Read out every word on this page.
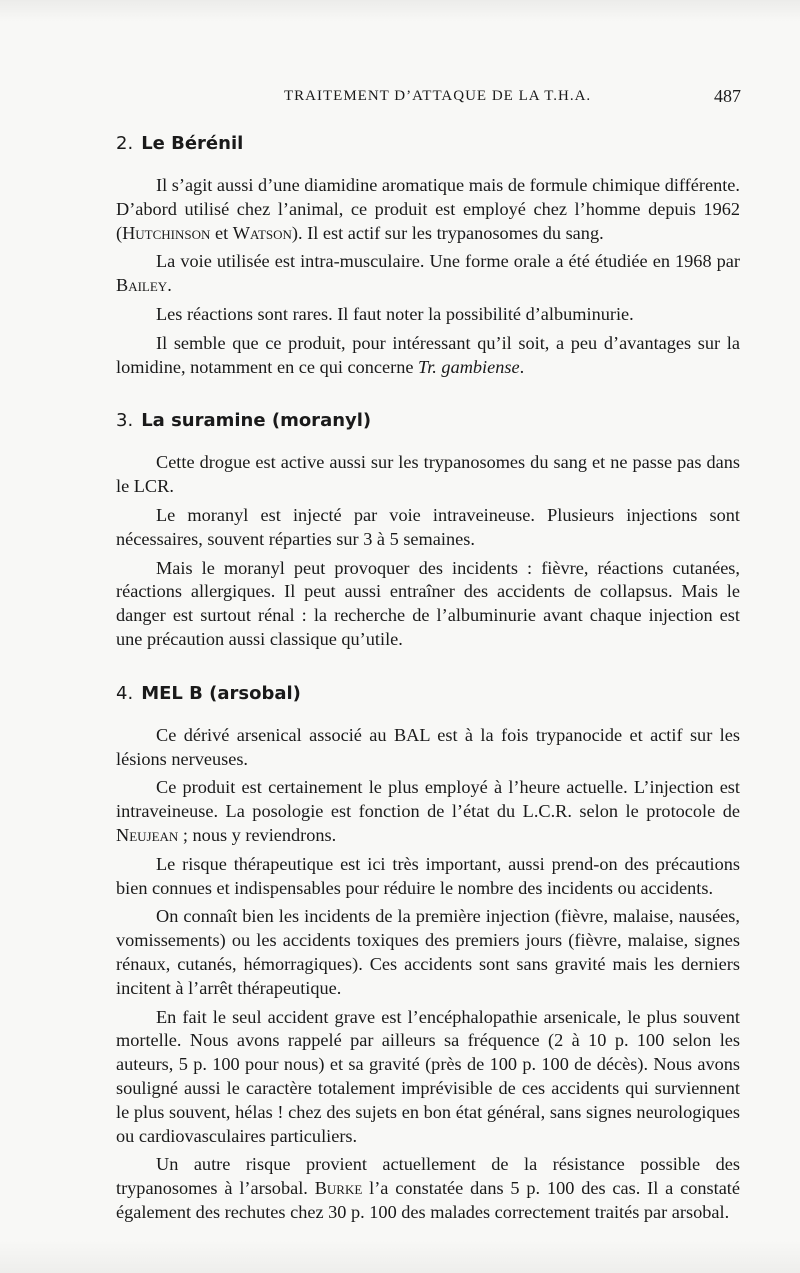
TRAITEMENT D’ATTAQUE DE LA T.H.A.	487
2. Le Bérénil

Il s’agit aussi d’une diamidine aromatique mais de formule chimique différente. D’abord utilisé chez l’animal, ce produit est employé chez l’homme depuis 1962 (Hutchinson et Watson). Il est actif sur les trypanosomes du sang.

La voie utilisée est intra-musculaire. Une forme orale a été étudiée en 1968 par Bailey.

Les réactions sont rares. Il faut noter la possibilité d’albuminurie.

Il semble que ce produit, pour intéressant qu’il soit, a peu d’avantages sur la lomidine, notamment en ce qui concerne Tr. gambiense.

3. La suramine (moranyl)

Cette drogue est active aussi sur les trypanosomes du sang et ne passe pas dans le LCR.

Le moranyl est injecté par voie intraveineuse. Plusieurs injections sont nécessaires, souvent réparties sur 3 à 5 semaines.

Mais le moranyl peut provoquer des incidents : fièvre, réactions cutanées, réactions allergiques. Il peut aussi entraîner des accidents de collapsus. Mais le danger est surtout rénal : la recherche de l’albuminurie avant chaque injection est une précaution aussi classique qu’utile.

4. MEL B (arsobal)

Ce dérivé arsenical associé au BAL est à la fois trypanocide et actif sur les lésions nerveuses.

Ce produit est certainement le plus employé à l’heure actuelle. L’injection est intraveineuse. La posologie est fonction de l’état du L.C.R. selon le protocole de Neujean ; nous y reviendrons.

Le risque thérapeutique est ici très important, aussi prend-on des précautions bien connues et indispensables pour réduire le nombre des incidents ou accidents.

On connaît bien les incidents de la première injection (fièvre, malaise, nausées, vomissements) ou les accidents toxiques des premiers jours (fièvre, malaise, signes rénaux, cutanés, hémorragiques). Ces accidents sont sans gravité mais les derniers incitent à l’arrêt thérapeutique.

En fait le seul accident grave est l’encéphalopathie arsenicale, le plus souvent mortelle. Nous avons rappelé par ailleurs sa fréquence (2 à 10 p. 100 selon les auteurs, 5 p. 100 pour nous) et sa gravité (près de 100 p. 100 de décès). Nous avons souligné aussi le caractère totalement imprévisible de ces accidents qui surviennent le plus souvent, hélas ! chez des sujets en bon état général, sans signes neurologiques ou cardiovasculaires particuliers.

Un autre risque provient actuellement de la résistance possible des trypanosomes à l’arsobal. Burke l’a constatée dans 5 p. 100 des cas. Il a constaté également des rechutes chez 30 p. 100 des malades correctement traités par arsobal.
